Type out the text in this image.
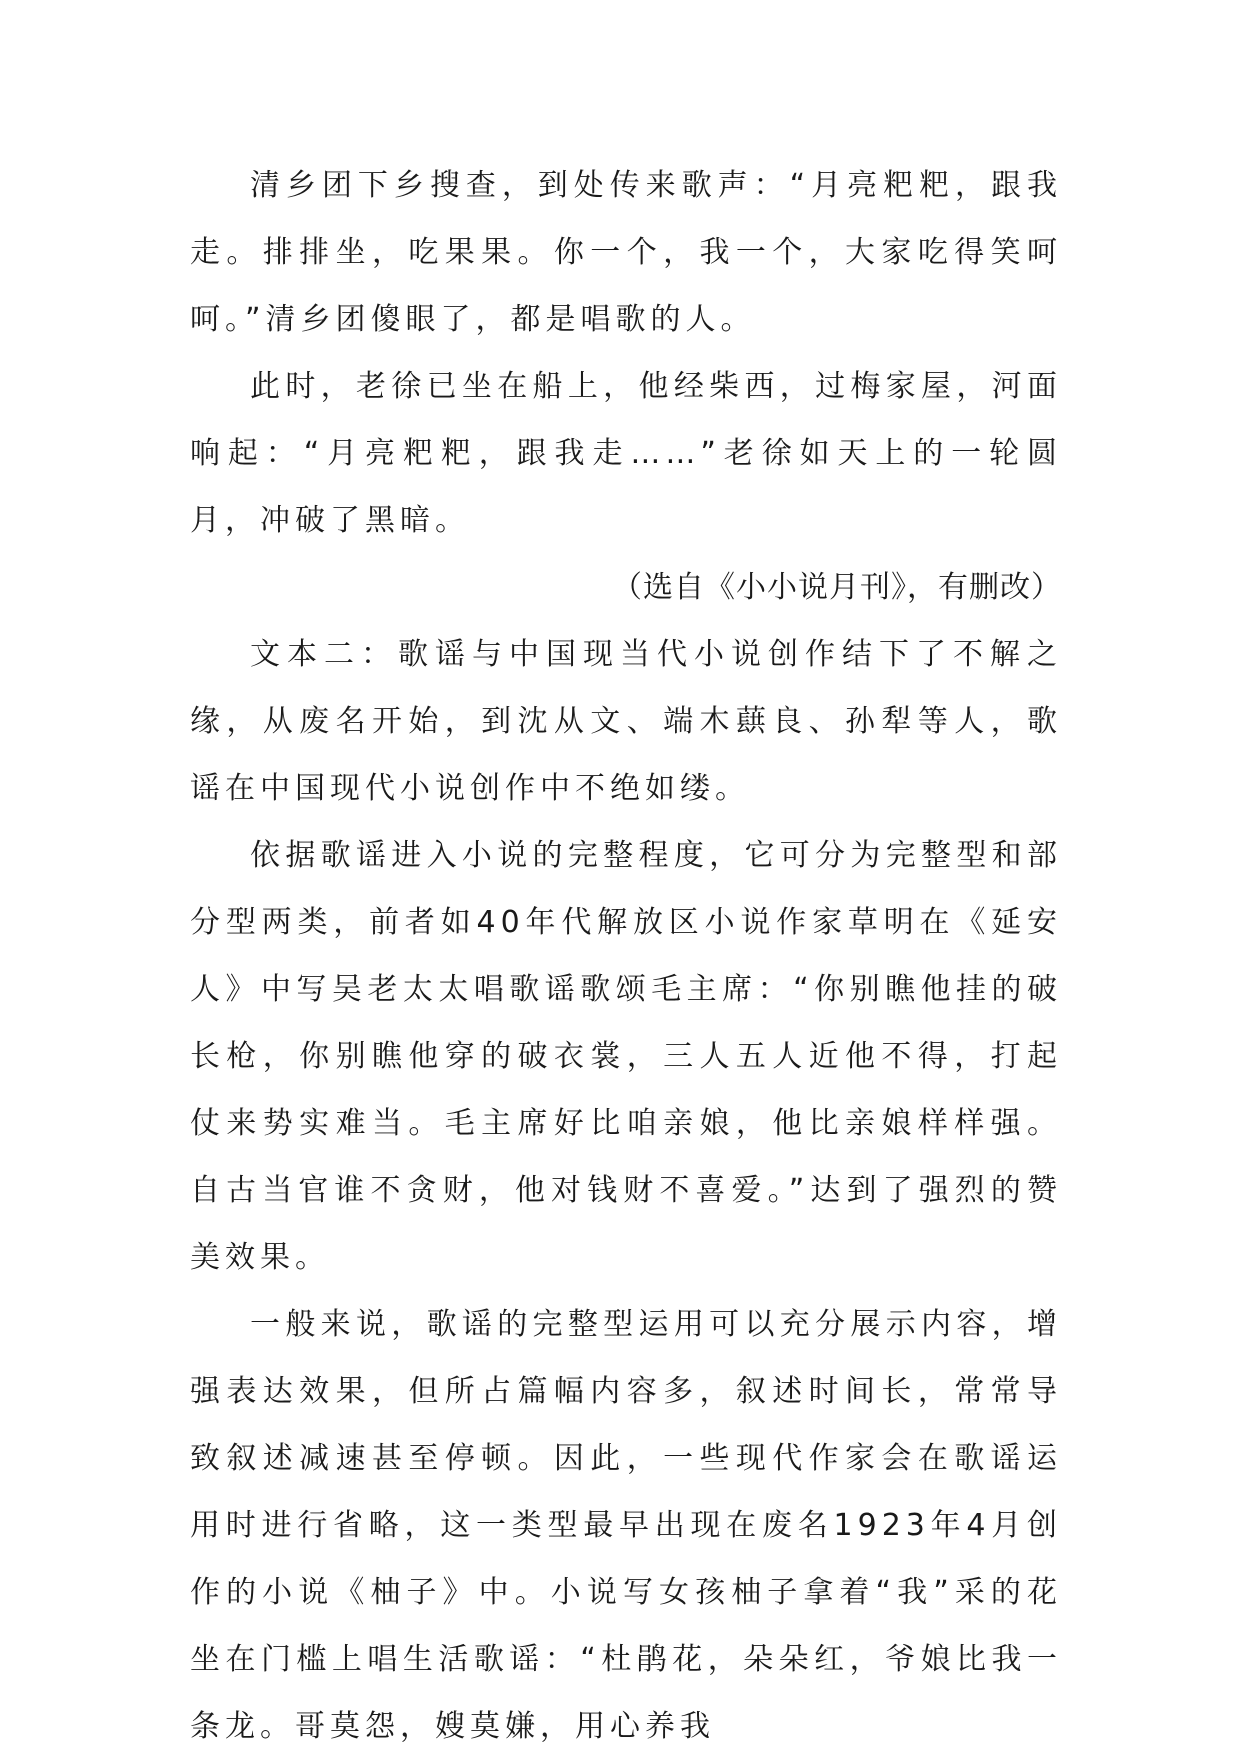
清乡团下乡搜查，到处传来歌声：“月亮粑粑，跟我走。排排坐，吃果果。你一个，我一个，大家吃得笑呵呵。”清乡团傻眼了，都是唱歌的人。

此时，老徐已坐在船上，他经柴西，过梅家屋，河面响起：“月亮粑粑，跟我走……”老徐如天上的一轮圆月，冲破了黑暗。

（选自《小小说月刊》，有删改）

文本二：歌谣与中国现当代小说创作结下了不解之缘，从废名开始，到沈从文、端木蕻良、孙犁等人，歌谣在中国现代小说创作中不绝如缕。

依据歌谣进入小说的完整程度，它可分为完整型和部分型两类，前者如40年代解放区小说作家草明在《延安人》中写吴老太太唱歌谣歌颂毛主席：“你别瞧他挂的破长枪，你别瞧他穿的破衣裳，三人五人近他不得，打起仗来势实难当。毛主席好比咱亲娘，他比亲娘样样强。自古当官谁不贪财，他对钱财不喜爱。”达到了强烈的赞美效果。

一般来说，歌谣的完整型运用可以充分展示内容，增强表达效果，但所占篇幅内容多，叙述时间长，常常导致叙述减速甚至停顿。因此，一些现代作家会在歌谣运用时进行省略，这一类型最早出现在废名1923年4月创作的小说《柚子》中。小说写女孩柚子拿着“我”采的花坐在门槛上唱生活歌谣：“杜鹃花，朵朵红，爷娘比我一条龙。哥莫怨，嫂莫嫌，用心养我
